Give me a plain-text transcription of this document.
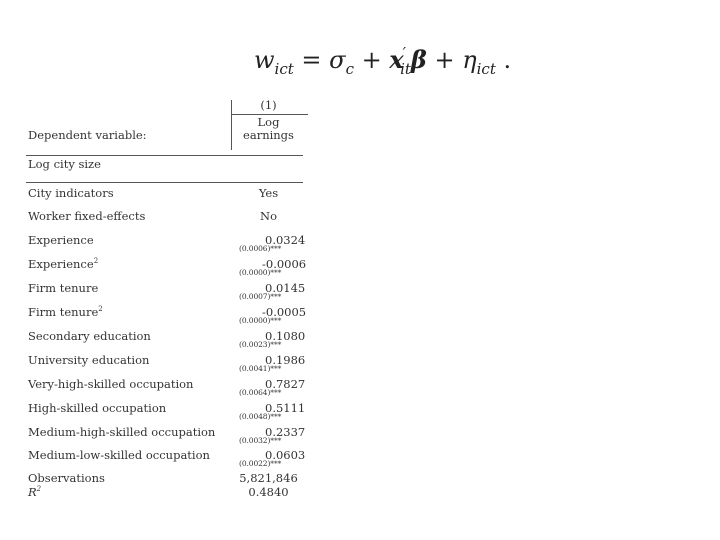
$w_{ict} = \sigma_c + x'_{it}\beta + \eta_{ict}$ .
(1)
Log
earnings
Dependent variable:
Log city size
City indicators	Yes
Worker fixed-effects	No
Experience	0.0324
(0.0006)***
Experience$^2$	-0.0006
(0.0000)***
Firm tenure	0.0145
(0.0007)***
Firm tenure$^2$	-0.0005
(0.0000)***
Secondary education	0.1080
(0.0023)***
University education	0.1986
(0.0041)***
Very-high-skilled occupation	0.7827
(0.0064)***
High-skilled occupation	0.5111
(0.0048)***
Medium-high-skilled occupation	0.2337
(0.0032)***
Medium-low-skilled occupation	0.0603
(0.0022)***
Observations	5,821,846
$R^2$	0.4840
